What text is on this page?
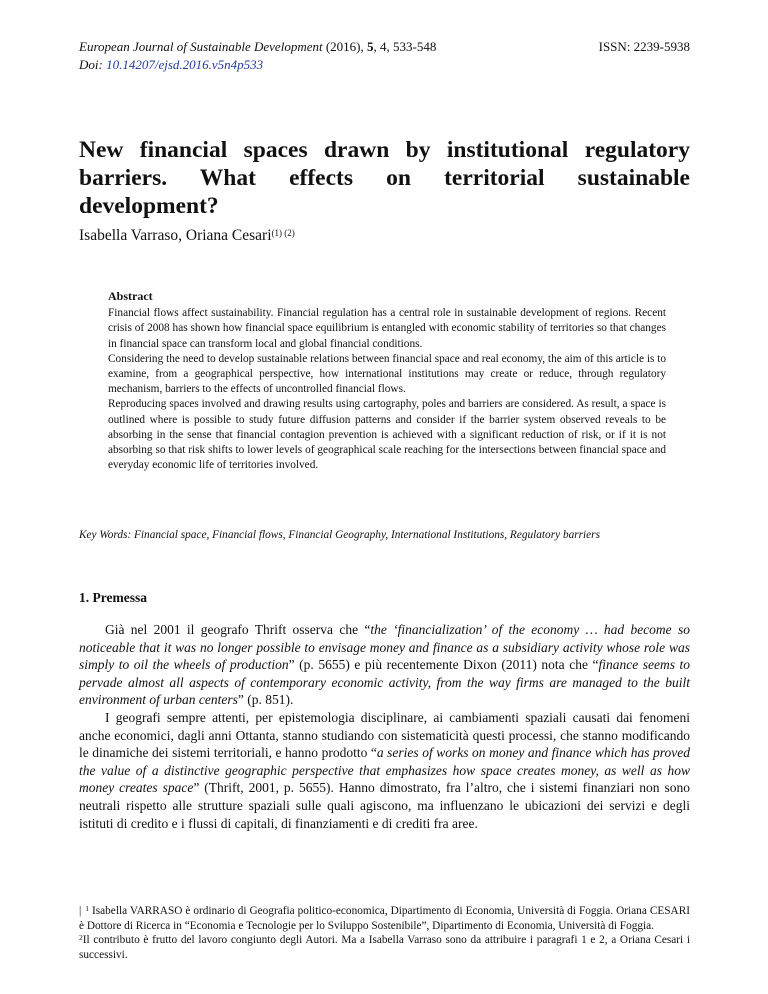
European Journal of Sustainable Development (2016), 5, 4, 533-548	ISSN: 2239-5938
Doi: 10.14207/ejsd.2016.v5n4p533
New financial spaces drawn by institutional regulatory
barriers. What effects on territorial sustainable
development?
Isabella Varraso, Oriana Cesari$^{(1) (2)}$
Abstract

Financial flows affect sustainability. Financial regulation has a central role in sustainable development of regions. Recent crisis of 2008 has shown how financial space equilibrium is entangled with economic stability of territories so that changes in financial space can transform local and global financial conditions.

Considering the need to develop sustainable relations between financial space and real economy, the aim of this article is to examine, from a geographical perspective, how international institutions may create or reduce, through regulatory mechanism, barriers to the effects of uncontrolled financial flows.

Reproducing spaces involved and drawing results using cartography, poles and barriers are considered. As result, a space is outlined where is possible to study future diffusion patterns and consider if the barrier system observed reveals to be absorbing in the sense that financial contagion prevention is achieved with a significant reduction of risk, or if it is not absorbing so that risk shifts to lower levels of geographical scale reaching for the intersections between financial space and everyday economic life of territories involved.

Key Words: Financial space, Financial flows, Financial Geography, International Institutions, Regulatory barriers
1. Premessa

Già nel 2001 il geografo Thrift osserva che “the ‘financialization’ of the economy … had become so noticeable that it was no longer possible to envisage money and finance as a subsidiary activity whose role was simply to oil the wheels of production” (p. 5655) e più recentemente Dixon (2011) nota che “finance seems to pervade almost all aspects of contemporary economic activity, from the way firms are managed to the built environment of urban centers” (p. 851).

I geografi sempre attenti, per epistemologia disciplinare, ai cambiamenti spaziali causati dai fenomeni anche economici, dagli anni Ottanta, stanno studiando con sistematicità questi processi, che stanno modificando le dinamiche dei sistemi territoriali, e hanno prodotto “a series of works on money and finance which has proved the value of a distinctive geographic perspective that emphasizes how space creates money, as well as how money creates space” (Thrift, 2001, p. 5655). Hanno dimostrato, fra l’altro, che i sistemi finanziari non sono neutrali rispetto alle strutture spaziali sulle quali agiscono, ma influenzano le ubicazioni dei servizi e degli istituti di credito e i flussi di capitali, di finanziamenti e di crediti fra aree.

| $^1$ Isabella VARRASO è ordinario di Geografia politico-economica, Dipartimento di Economia, Università di Foggia. Oriana CESARI è Dottore di Ricerca in “Economia e Tecnologie per lo Sviluppo Sostenibile”, Dipartimento di Economia, Università di Foggia.

$^2$Il contributo è frutto del lavoro congiunto degli Autori. Ma a Isabella Varraso sono da attribuire i paragrafi 1 e 2, a Oriana Cesari i successivi.
